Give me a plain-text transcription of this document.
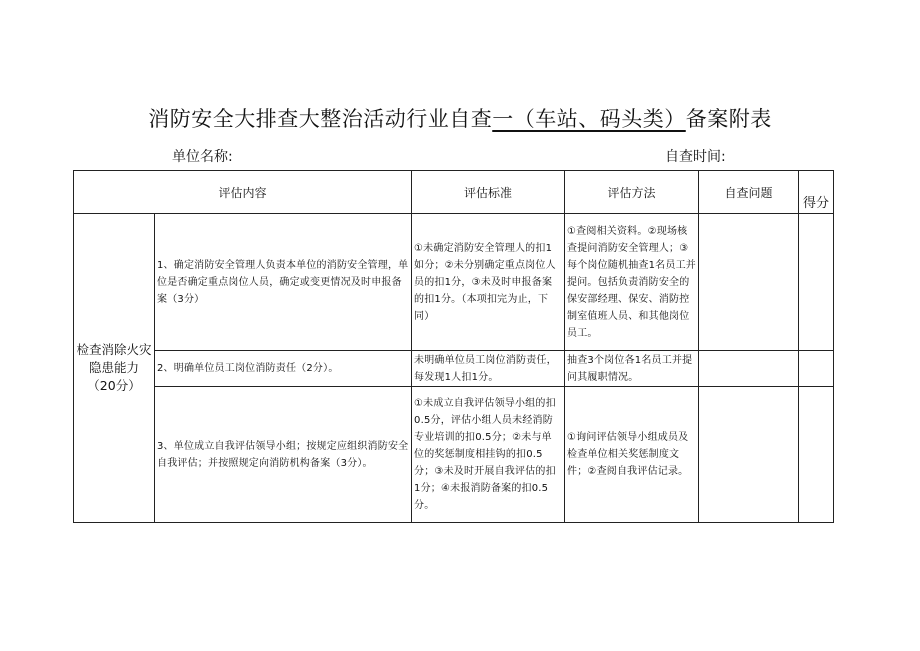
消防安全大排查大整治活动行业自查一（车站、码头类）备案附表
单位名称:	自查时间:
评估内容		评估标准	评估方法	自查问题	得分

检查消除火灾
隐患能力
（20分）	1、确定消防安全管理人负责本单位的消防安全管理，单位是否确定重点岗位人员，确定或变更情况及时申报备案（3分）	①未确定消防安全管理人的扣1如分；②未分别确定重点岗位人员的扣1分，③未及时申报备案的扣1分。（本项扣完为止，下同）	①查阅相关资料。②现场核查提问消防安全管理人；③每个岗位随机抽查1名员工并提问。包括负责消防安全的保安部经理、保安、消防控制室值班人员、和其他岗位员工。		
	2、明确单位员工岗位消防责任（2分）。	未明确单位员工岗位消防责任，每发现1人扣1分。	抽查3个岗位各1名员工并提问其履职情况。		
	3、单位成立自我评估领导小组；按规定应组织消防安全自我评估；并按照规定向消防机构备案（3分）。	①未成立自我评估领导小组的扣0.5分，评估小组人员未经消防专业培训的扣0.5分；②未与单位的奖惩制度相挂钩的扣0.5分；③未及时开展自我评估的扣1分；④未报消防备案的扣0.5分。	①询问评估领导小组成员及检查单位相关奖惩制度文件；②查阅自我评估记录。		
